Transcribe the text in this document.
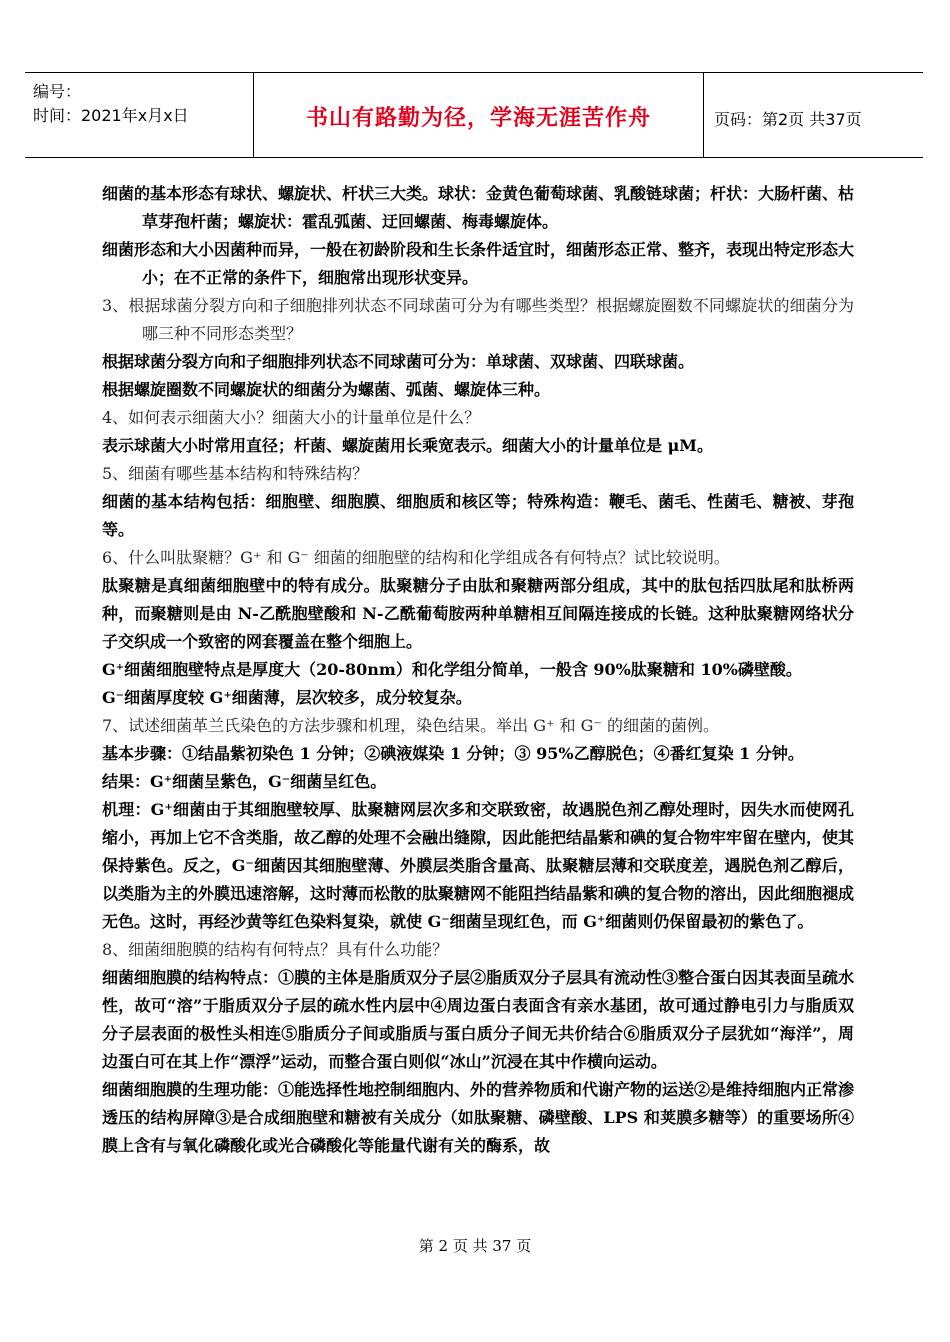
编号：
时间：2021年x月x日	书山有路勤为径，学海无涯苦作舟	页码：第2页 共37页

细菌的基本形态有球状、螺旋状、杆状三大类。球状：金黄色葡萄球菌、乳酸链球菌；杆状：大肠杆菌、枯草芽孢杆菌；螺旋状：霍乱弧菌、迂回螺菌、梅毒螺旋体。

细菌形态和大小因菌种而异，一般在初龄阶段和生长条件适宜时，细菌形态正常、整齐，表现出特定形态大小；在不正常的条件下，细胞常出现形状变异。

3、根据球菌分裂方向和子细胞排列状态不同球菌可分为有哪些类型？根据螺旋圈数不同螺旋状的细菌分为哪三种不同形态类型？

根据球菌分裂方向和子细胞排列状态不同球菌可分为：单球菌、双球菌、四联球菌。

根据螺旋圈数不同螺旋状的细菌分为螺菌、弧菌、螺旋体三种。

4、如何表示细菌大小？细菌大小的计量单位是什么？

表示球菌大小时常用直径；杆菌、螺旋菌用长乘宽表示。细菌大小的计量单位是 μM。

5、细菌有哪些基本结构和特殊结构？

细菌的基本结构包括：细胞壁、细胞膜、细胞质和核区等；特殊构造：鞭毛、菌毛、性菌毛、糖被、芽孢等。

6、什么叫肽聚糖？G⁺ 和 G⁻ 细菌的细胞壁的结构和化学组成各有何特点？试比较说明。

肽聚糖是真细菌细胞壁中的特有成分。肽聚糖分子由肽和聚糖两部分组成，其中的肽包括四肽尾和肽桥两种，而聚糖则是由 N-乙酰胞壁酸和 N-乙酰葡萄胺两种单糖相互间隔连接成的长链。这种肽聚糖网络状分子交织成一个致密的网套覆盖在整个细胞上。

G⁺细菌细胞壁特点是厚度大（20-80nm）和化学组分简单，一般含 90%肽聚糖和 10%磷壁酸。

G⁻细菌厚度较 G⁺细菌薄，层次较多，成分较复杂。

7、试述细菌革兰氏染色的方法步骤和机理，染色结果。举出 G⁺ 和 G⁻ 的细菌的菌例。

基本步骤：①结晶紫初染色 1 分钟；②碘液媒染 1 分钟；③ 95%乙醇脱色；④番红复染 1 分钟。

结果：G⁺细菌呈紫色，G⁻细菌呈红色。

机理：G⁺细菌由于其细胞壁较厚、肽聚糖网层次多和交联致密，故遇脱色剂乙醇处理时，因失水而使网孔缩小，再加上它不含类脂，故乙醇的处理不会融出缝隙，因此能把结晶紫和碘的复合物牢牢留在壁内，使其保持紫色。反之，G⁻细菌因其细胞壁薄、外膜层类脂含量高、肽聚糖层薄和交联度差，遇脱色剂乙醇后，以类脂为主的外膜迅速溶解，这时薄而松散的肽聚糖网不能阻挡结晶紫和碘的复合物的溶出，因此细胞褪成无色。这时，再经沙黄等红色染料复染，就使 G⁻细菌呈现红色，而 G⁺细菌则仍保留最初的紫色了。

8、细菌细胞膜的结构有何特点？具有什么功能？

细菌细胞膜的结构特点：①膜的主体是脂质双分子层②脂质双分子层具有流动性③整合蛋白因其表面呈疏水性，故可“溶”于脂质双分子层的疏水性内层中④周边蛋白表面含有亲水基团，故可通过静电引力与脂质双分子层表面的极性头相连⑤脂质分子间或脂质与蛋白质分子间无共价结合⑥脂质双分子层犹如“海洋”，周边蛋白可在其上作“漂浮”运动，而整合蛋白则似“冰山”沉浸在其中作横向运动。

细菌细胞膜的生理功能：①能选择性地控制细胞内、外的营养物质和代谢产物的运送②是维持细胞内正常渗透压的结构屏障③是合成细胞壁和糖被有关成分（如肽聚糖、磷壁酸、LPS 和荚膜多糖等）的重要场所④膜上含有与氧化磷酸化或光合磷酸化等能量代谢有关的酶系，故

第 2 页 共 37 页
